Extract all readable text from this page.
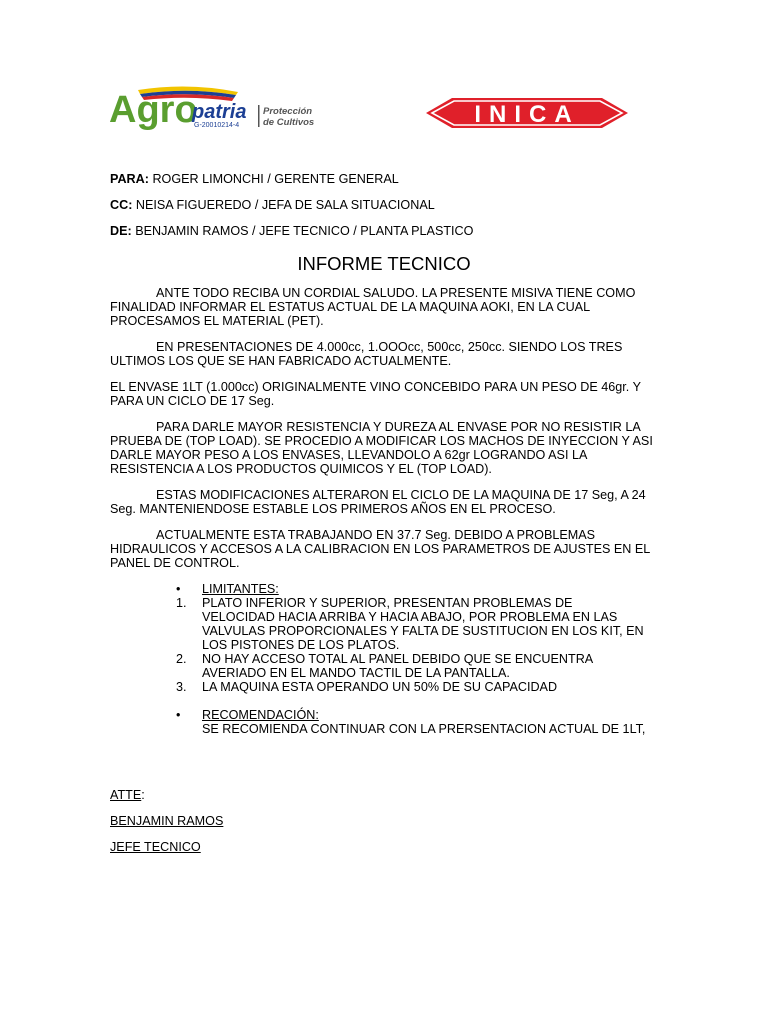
Agro
patria
G-20010214-4
Protección
de Cultivos	INICA
PARA: ROGER LIMONCHI / GERENTE GENERAL
CC: NEISA FIGUEREDO / JEFA DE SALA SITUACIONAL
DE: BENJAMIN RAMOS / JEFE TECNICO / PLANTA PLASTICO
INFORME TECNICO
ANTE TODO RECIBA UN CORDIAL SALUDO. LA PRESENTE MISIVA TIENE COMO FINALIDAD INFORMAR EL ESTATUS ACTUAL DE LA MAQUINA AOKI, EN LA CUAL PROCESAMOS EL MATERIAL (PET).
EN PRESENTACIONES DE 4.000cc, 1.OOOcc, 500cc, 250cc. SIENDO LOS TRES ULTIMOS LOS QUE SE HAN FABRICADO ACTUALMENTE.
EL ENVASE 1LT (1.000cc) ORIGINALMENTE VINO CONCEBIDO PARA UN PESO DE 46gr. Y PARA UN CICLO DE 17 Seg.
PARA DARLE MAYOR RESISTENCIA Y DUREZA AL ENVASE POR NO RESISTIR LA PRUEBA DE (TOP LOAD). SE PROCEDIO A MODIFICAR LOS MACHOS DE INYECCION Y ASI DARLE MAYOR PESO A LOS ENVASES, LLEVANDOLO A 62gr LOGRANDO ASI LA RESISTENCIA A LOS PRODUCTOS QUIMICOS Y EL (TOP LOAD).
ESTAS MODIFICACIONES ALTERARON EL CICLO DE LA MAQUINA DE 17 Seg, A 24 Seg. MANTENIENDOSE ESTABLE LOS PRIMEROS AÑOS EN EL PROCESO.
ACTUALMENTE ESTA TRABAJANDO EN 37.7 Seg. DEBIDO A PROBLEMAS HIDRAULICOS Y ACCESOS A LA CALIBRACION EN LOS PARAMETROS DE AJUSTES EN EL PANEL DE CONTROL.
•	LIMITANTES:
1.	PLATO INFERIOR Y SUPERIOR, PRESENTAN PROBLEMAS DE VELOCIDAD HACIA ARRIBA Y HACIA ABAJO, POR PROBLEMA EN LAS VALVULAS PROPORCIONALES Y FALTA DE SUSTITUCION EN LOS KIT, EN LOS PISTONES DE LOS PLATOS.
2.	NO HAY ACCESO TOTAL AL PANEL DEBIDO QUE SE ENCUENTRA AVERIADO EN EL MANDO TACTIL DE LA PANTALLA.
3.	LA MAQUINA ESTA OPERANDO UN 50% DE SU CAPACIDAD
•	RECOMENDACIÓN:
SE RECOMIENDA CONTINUAR CON LA PRERSENTACION ACTUAL DE 1LT,
ATTE:
BENJAMIN RAMOS
JEFE TECNICO
